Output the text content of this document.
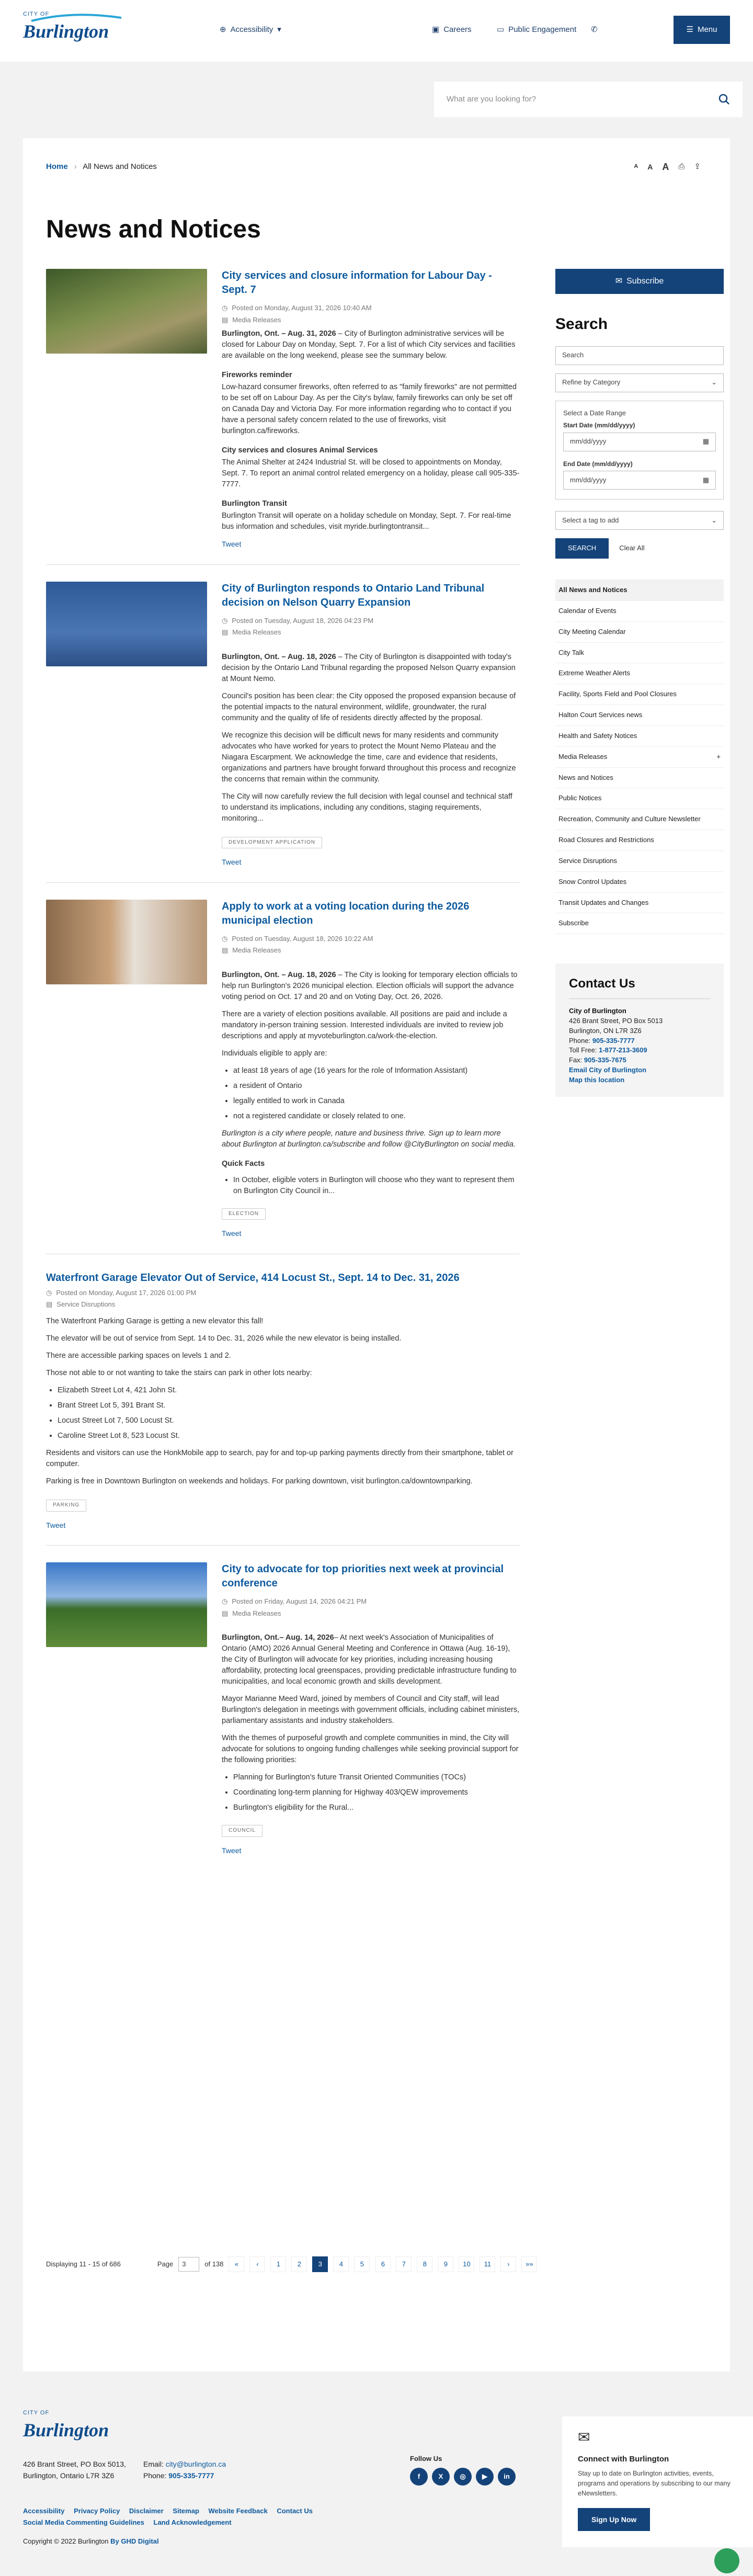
CITY OF
Burlington	⊕ Accessibility ▾	▣ Careers	▭ Public Engagement ✆	☰ Menu
What are you looking for?
Home › All News and Notices	A A A ⎙ ⇪
News and Notices
City services and closure information for Labour Day - Sept. 7
◷ Posted on Monday, August 31, 2026 10:40 AM
▤ Media Releases

Burlington, Ont. – Aug. 31, 2026 – City of Burlington administrative services will be closed for Labour Day on Monday, Sept. 7. For a list of which City services and facilities are available on the long weekend, please see the summary below.

Fireworks reminder

Low-hazard consumer fireworks, often referred to as "family fireworks" are not permitted to be set off on Labour Day. As per the City's bylaw, family fireworks can only be set off on Canada Day and Victoria Day. For more information regarding who to contact if you have a personal safety concern related to the use of fireworks, visit burlington.ca/fireworks.

City services and closures Animal Services

The Animal Shelter at 2424 Industrial St. will be closed to appointments on Monday, Sept. 7. To report an animal control related emergency on a holiday, please call 905-335-7777.

Burlington Transit

Burlington Transit will operate on a holiday schedule on Monday, Sept. 7. For real-time bus information and schedules, visit myride.burlingtontransit...

Tweet
City of Burlington responds to Ontario Land Tribunal decision on Nelson Quarry Expansion
◷ Posted on Tuesday, August 18, 2026 04:23 PM
▤ Media Releases

Burlington, Ont. – Aug. 18, 2026 – The City of Burlington is disappointed with today's decision by the Ontario Land Tribunal regarding the proposed Nelson Quarry expansion at Mount Nemo.

Council's position has been clear: the City opposed the proposed expansion because of the potential impacts to the natural environment, wildlife, groundwater, the rural community and the quality of life of residents directly affected by the proposal.

We recognize this decision will be difficult news for many residents and community advocates who have worked for years to protect the Mount Nemo Plateau and the Niagara Escarpment. We acknowledge the time, care and evidence that residents, organizations and partners have brought forward throughout this process and recognize the concerns that remain within the community.

The City will now carefully review the full decision with legal counsel and technical staff to understand its implications, including any conditions, staging requirements, monitoring...

DEVELOPMENT APPLICATION
Tweet
Apply to work at a voting location during the 2026 municipal election
◷ Posted on Tuesday, August 18, 2026 10:22 AM
▤ Media Releases

Burlington, Ont. – Aug. 18, 2026 – The City is looking for temporary election officials to help run Burlington's 2026 municipal election. Election officials will support the advance voting period on Oct. 17 and 20 and on Voting Day, Oct. 26, 2026.

There are a variety of election positions available. All positions are paid and include a mandatory in-person training session. Interested individuals are invited to review job descriptions and apply at myvoteburlington.ca/work-the-election.

Individuals eligible to apply are:

• at least 18 years of age (16 years for the role of Information Assistant)
• a resident of Ontario
• legally entitled to work in Canada
• not a registered candidate or closely related to one.

Burlington is a city where people, nature and business thrive. Sign up to learn more about Burlington at burlington.ca/subscribe and follow @CityBurlington on social media.

Quick Facts
• In October, eligible voters in Burlington will choose who they want to represent them on Burlington City Council in...
ELECTION
Tweet
Waterfront Garage Elevator Out of Service, 414 Locust St., Sept. 14 to Dec. 31, 2026
◷ Posted on Monday, August 17, 2026 01:00 PM
▤ Service Disruptions

The Waterfront Parking Garage is getting a new elevator this fall!

The elevator will be out of service from Sept. 14 to Dec. 31, 2026 while the new elevator is being installed.

There are accessible parking spaces on levels 1 and 2.

Those not able to or not wanting to take the stairs can park in other lots nearby:

• Elizabeth Street Lot 4, 421 John St.
• Brant Street Lot 5, 391 Brant St.
• Locust Street Lot 7, 500 Locust St.
• Caroline Street Lot 8, 523 Locust St.

Residents and visitors can use the HonkMobile app to search, pay for and top-up parking payments directly from their smartphone, tablet or computer.

Parking is free in Downtown Burlington on weekends and holidays. For parking downtown, visit burlington.ca/downtownparking.

PARKING
Tweet
City to advocate for top priorities next week at provincial conference
◷ Posted on Friday, August 14, 2026 04:21 PM
▤ Media Releases

Burlington, Ont.– Aug. 14, 2026– At next week's Association of Municipalities of Ontario (AMO) 2026 Annual General Meeting and Conference in Ottawa (Aug. 16-19), the City of Burlington will advocate for key priorities, including increasing housing affordability, protecting local greenspaces, providing predictable infrastructure funding to municipalities, and local economic growth and skills development.

Mayor Marianne Meed Ward, joined by members of Council and City staff, will lead Burlington's delegation in meetings with government officials, including cabinet ministers, parliamentary assistants and industry stakeholders.

With the themes of purposeful growth and complete communities in mind, the City will advocate for solutions to ongoing funding challenges while seeking provincial support for the following priorities:

• Planning for Burlington's future Transit Oriented Communities (TOCs)
• Coordinating long-term planning for Highway 403/QEW improvements
• Burlington's eligibility for the Rural...
COUNCIL
Tweet
✉ Subscribe
Search
Search
Refine by Category	⌄
Select a Date Range
Start Date (mm/dd/yyyy)
mm/dd/yyyy	▦
End Date (mm/dd/yyyy)
mm/dd/yyyy	▦
Select a tag to add	⌄
SEARCH	Clear All
All News and Notices
Calendar of Events
City Meeting Calendar
City Talk
Extreme Weather Alerts
Facility, Sports Field and Pool Closures
Halton Court Services news
Health and Safety Notices
Media Releases	+
News and Notices
Public Notices
Recreation, Community and Culture Newsletter
Road Closures and Restrictions
Service Disruptions
Snow Control Updates
Transit Updates and Changes
Subscribe
Contact Us
City of Burlington
426 Brant Street, PO Box 5013
Burlington, ON L7R 3Z6
Phone: 905-335-7777
Toll Free: 1-877-213-3609
Fax: 905-335-7675
Email City of Burlington
Map this location
Displaying 11 - 15 of 686	Page 3	of 138	«	‹	1	2	3	4	5	6	7	8	9	10	11	›	»»
CITY OF
Burlington
426 Brant Street, PO Box 5013,
Burlington, Ontario L7R 3Z6
Email: city@burlington.ca
Phone: 905-335-7777
Follow Us
f	X	◎	▶	in
Accessibility Privacy Policy Disclaimer Sitemap Website Feedback Contact Us
Social Media Commenting Guidelines Land Acknowledgement
Copyright © 2022 Burlington By GHD Digital
✉
Connect with Burlington

Stay up to date on Burlington activities, events, programs and operations by subscribing to our many eNewsletters.

Sign Up Now
